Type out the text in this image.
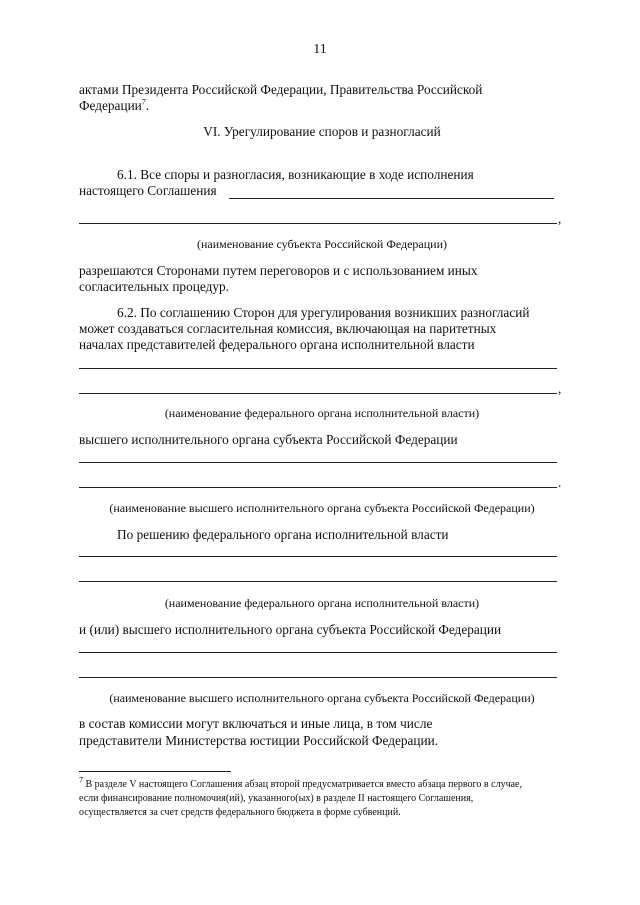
11
актами Президента Российской Федерации, Правительства Российской
Федерации$^7$.
VI. Урегулирование споров и разногласий
6.1. Все споры и разногласия, возникающие в ходе исполнения
настоящего Соглашения
,
(наименование субъекта Российской Федерации)
разрешаются Сторонами путем переговоров и с использованием иных
согласительных процедур.
6.2. По соглашению Сторон для урегулирования возникших разногласий
может создаваться согласительная комиссия, включающая на паритетных
началах представителей федерального органа исполнительной власти
,
(наименование федерального органа исполнительной власти)
высшего исполнительного органа субъекта Российской Федерации
.
(наименование высшего исполнительного органа субъекта Российской Федерации)
По решению федерального органа исполнительной власти
(наименование федерального органа исполнительной власти)
и (или) высшего исполнительного органа субъекта Российской Федерации
(наименование высшего исполнительного органа субъекта Российской Федерации)
в состав комиссии могут включаться и иные лица, в том числе
представители Министерства юстиции Российской Федерации.
$^7$ В разделе V настоящего Соглашения абзац второй предусматривается вместо абзаца первого в случае,
если финансирование полномочия(ий), указанного(ых) в разделе II настоящего Соглашения,
осуществляется за счет средств федерального бюджета в форме субвенций.
